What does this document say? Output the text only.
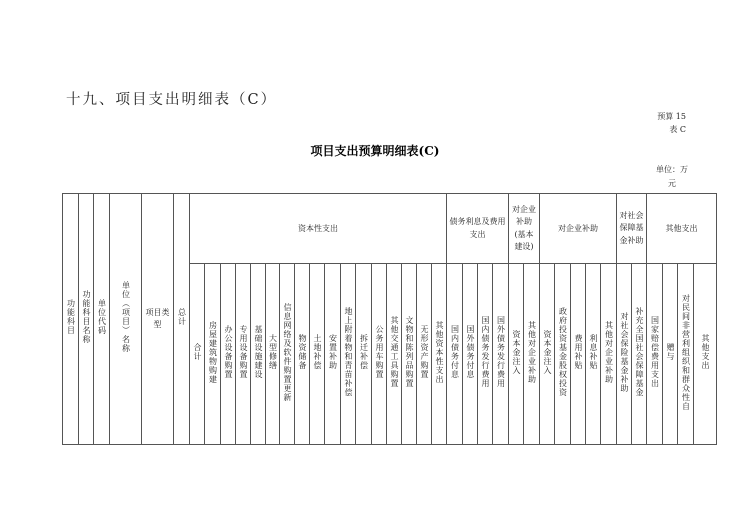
十九、项目支出明细表（C）
预算 15
表 C
项目支出预算明细表(C)
单位：万元
功能科目	功能科目名称	单位代码	单位（项目）名称	项目类型	总计	资本性支出																	债务利息及费用支出				对企业补助(基本建设)		对企业补助					对社会保障基金补助		其他支出			
						合计	房屋建筑物购建	办公设备购置	专用设备购置	基础设施建设	大型修缮	信息网络及软件购置更新	物资储备	土地补偿	安置补助	地上附着物和青苗补偿	拆迁补偿	公务用车购置	其他交通工具购置	文物和陈列品购置	无形资产购置	其他资本性支出	国内债务付息	国外债务付息	国内债务发行费用	国外债务发行费用	资本金注入	其他对企业补助	资本金注入	政府投资基金股权投资	费用补贴	利息补贴	其他对企业补助	对社会保险基金补助	补充全国社会保障基金	国家赔偿费用支出	赠与	对民间非营利组织和群众性自	其他支出
